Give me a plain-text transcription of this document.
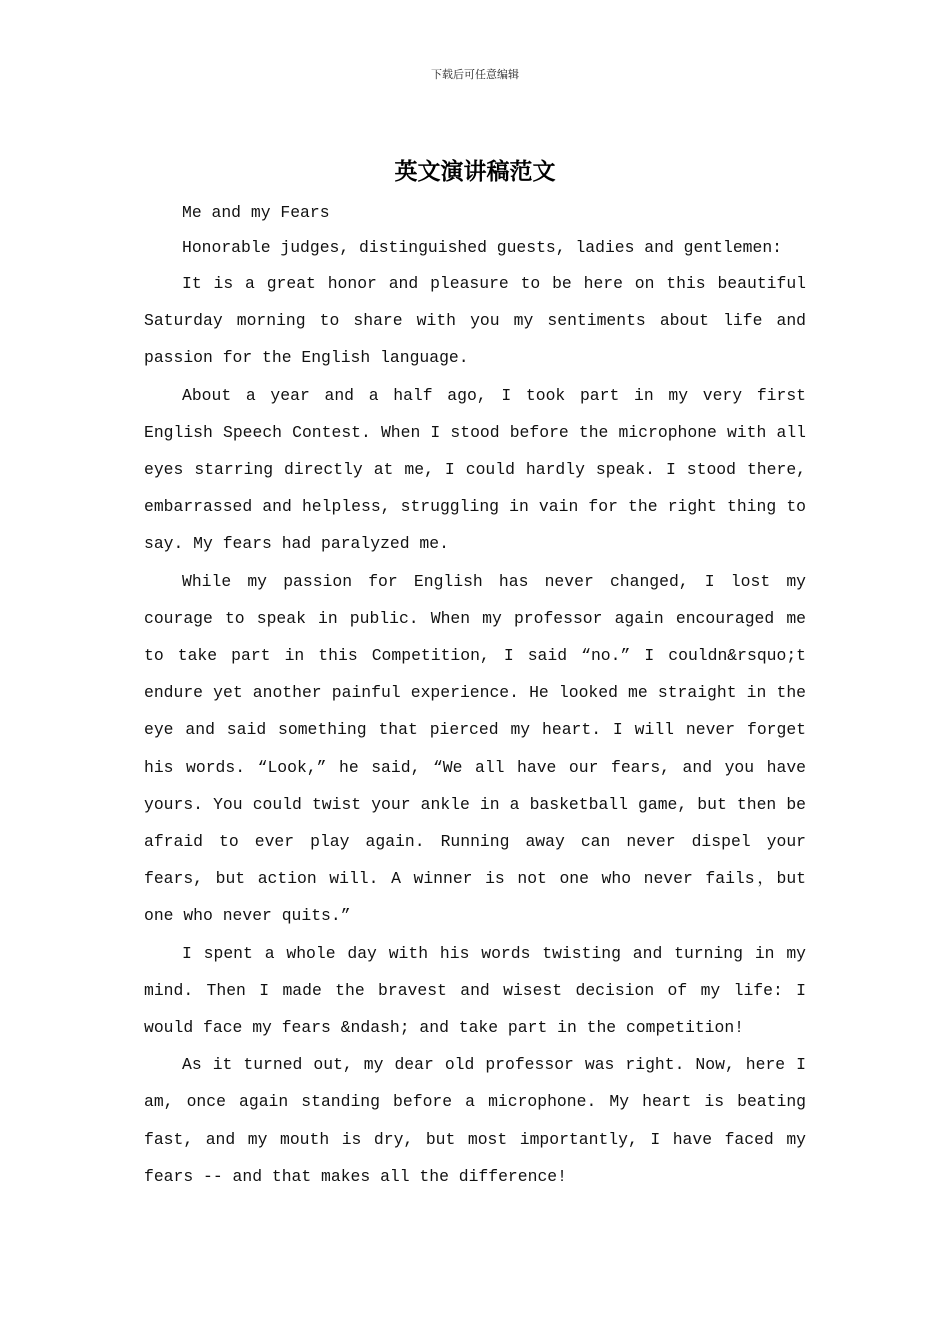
下载后可任意编辑
英文演讲稿范文

Me and my Fears

Honorable judges, distinguished guests, ladies and gentlemen:

It is a great honor and pleasure to be here on this beautiful Saturday morning to share with you my sentiments about life and passion for the English language.

About a year and a half ago, I took part in my very first English Speech Contest. When I stood before the microphone with all eyes starring directly at me, I could hardly speak. I stood there, embarrassed and helpless, struggling in vain for the right thing to say. My fears had paralyzed me.

While my passion for English has never changed, I lost my courage to speak in public. When my professor again encouraged me to take part in this Competition, I said “no.” I couldn&rsquo;t endure yet another painful experience. He looked me straight in the eye and said something that pierced my heart. I will never forget his words. “Look,” he said, “We all have our fears, and you have yours. You could twist your ankle in a basketball game, but then be afraid to ever play again. Running away can never dispel your fears, but action will. A winner is not one who never fails，but one who never quits.”

I spent a whole day with his words twisting and turning in my mind. Then I made the bravest and wisest decision of my life: I would face my fears &ndash; and take part in the competition!

As it turned out, my dear old professor was right. Now, here I am, once again standing before a microphone. My heart is beating fast, and my mouth is dry, but most importantly, I have faced my fears -- and that makes all the difference!
